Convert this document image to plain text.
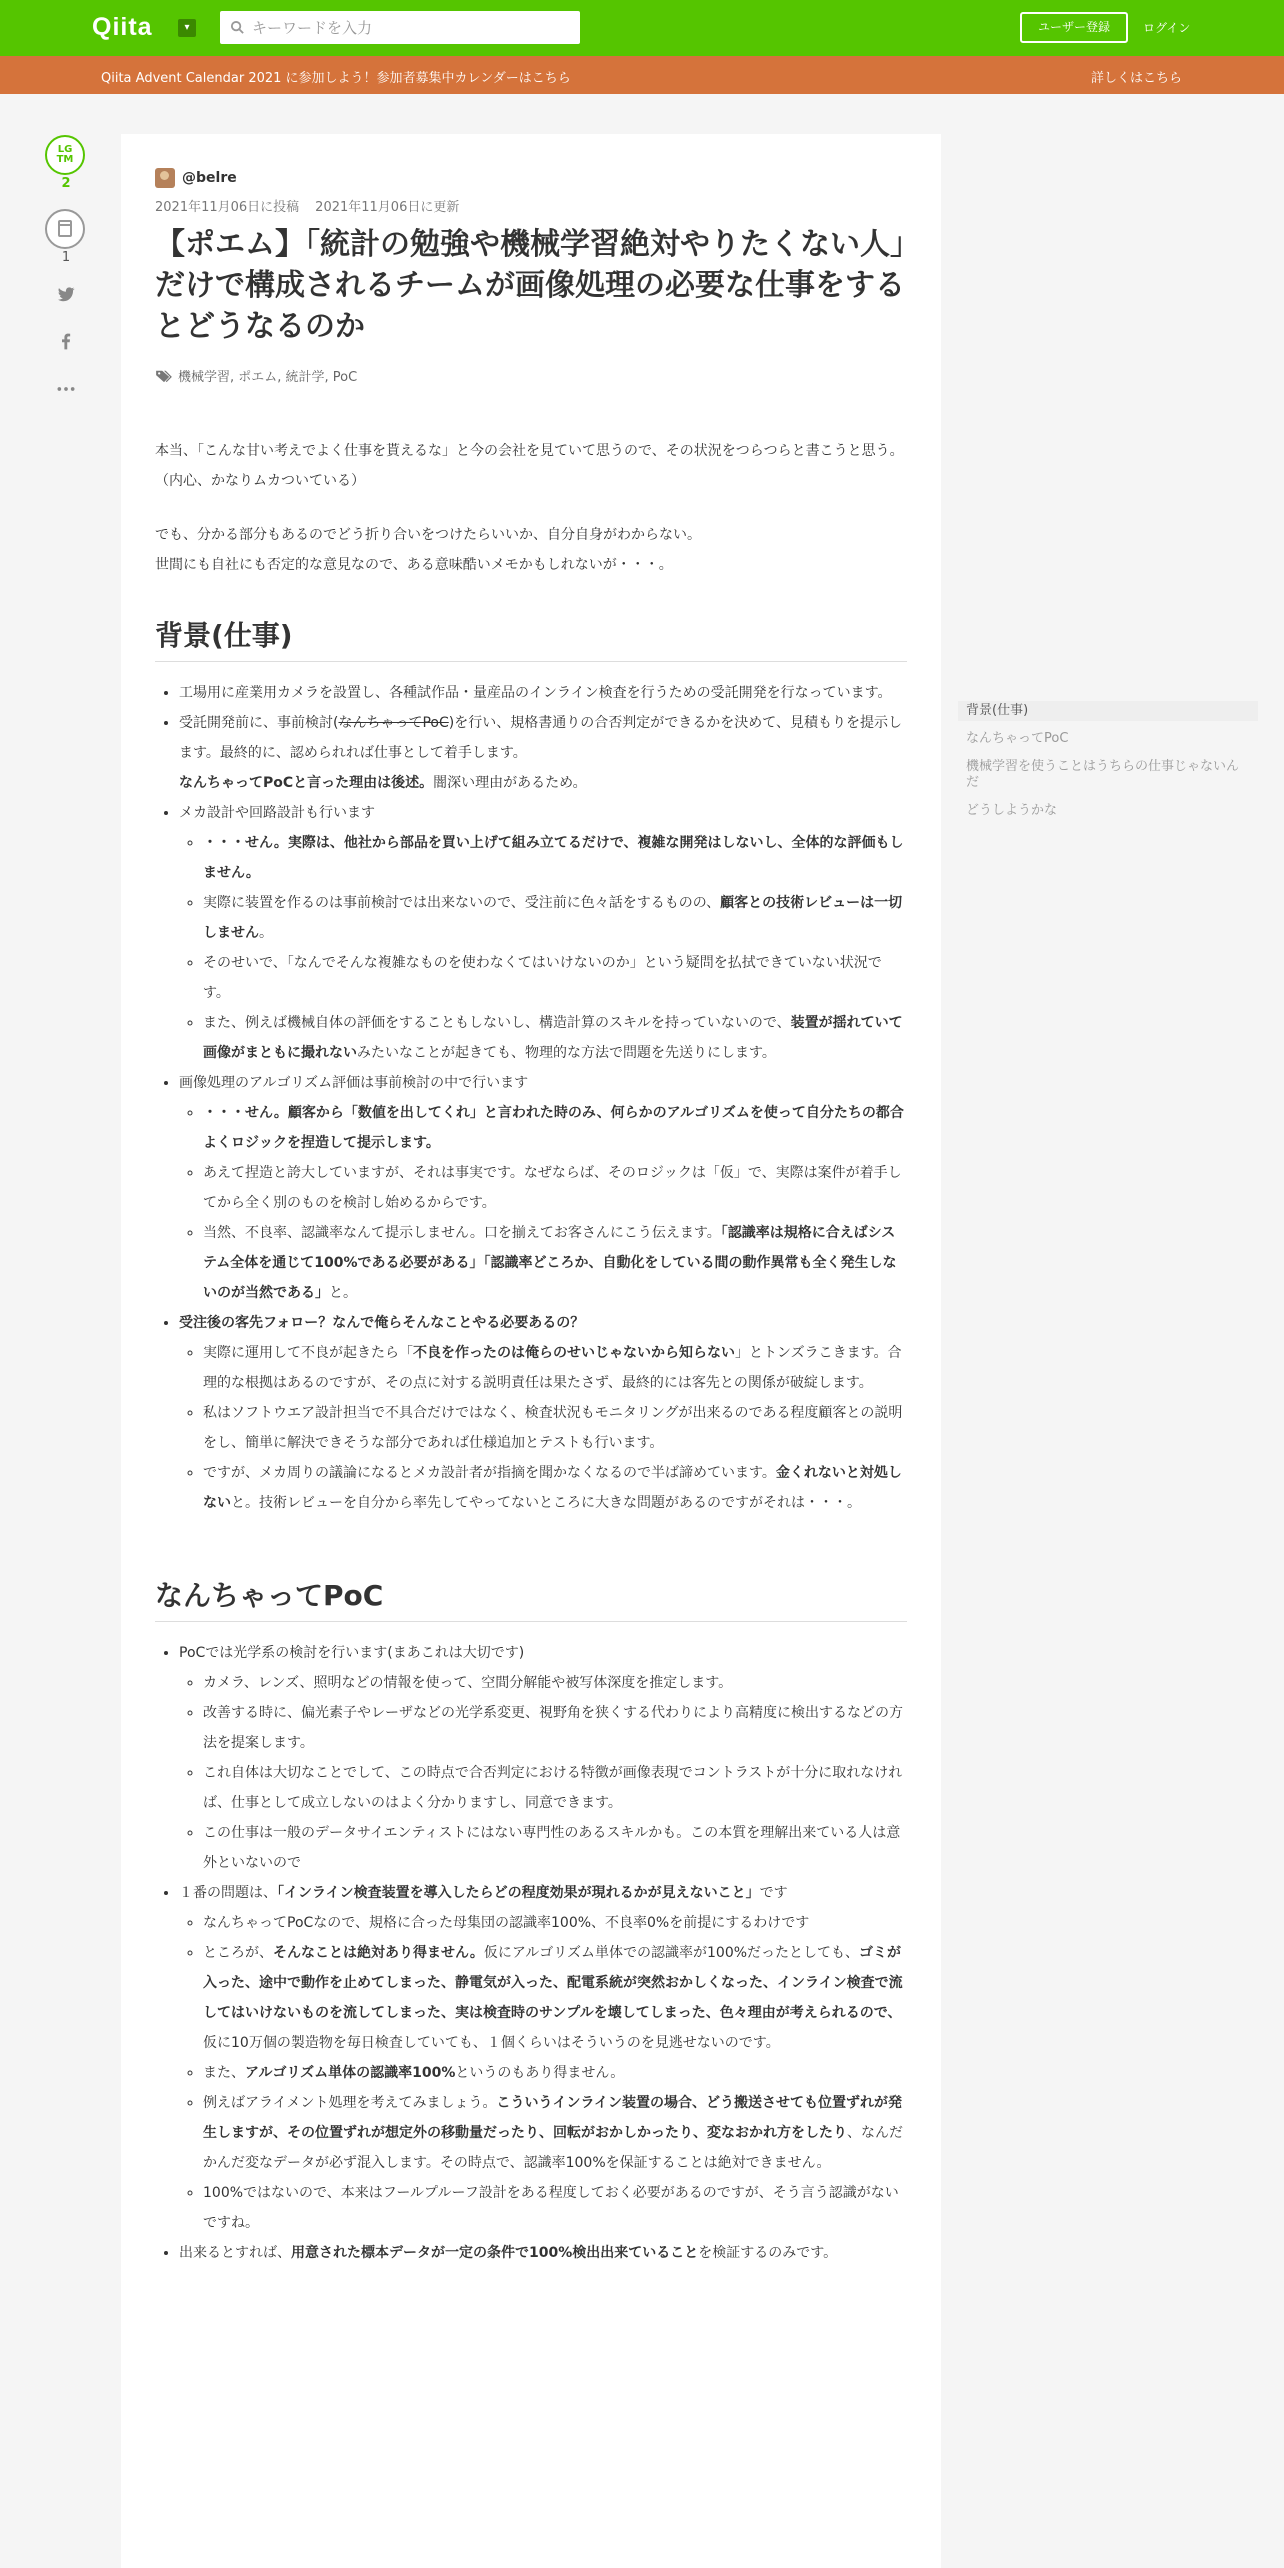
Qiita	▾
キーワードを入力	ユーザー登録	ログイン
Qiita Advent Calendar 2021 に参加しよう！参加者募集中カレンダーはこちら	詳しくはこちら
LG
TM
2
1
@belre
2021年11月06日に投稿 2021年11月06日に更新
【ポエム】「統計の勉強や機械学習絶対やりたくない人」だけで構成されるチームが画像処理の必要な仕事をするとどうなるのか
機械学習, ポエム, 統計学, PoC

本当、「こんな甘い考えでよく仕事を貰えるな」と今の会社を見ていて思うので、その状況をつらつらと書こうと思う。

（内心、かなりムカついている）

でも、分かる部分もあるのでどう折り合いをつけたらいいか、自分自身がわからない。

世間にも自社にも否定的な意見なので、ある意味酷いメモかもしれないが・・・。

背景(仕事)
• 工場用に産業用カメラを設置し、各種試作品・量産品のインライン検査を行うための受託開発を行なっています。
• 受託開発前に、事前検討(なんちゃってPoC)を行い、規格書通りの合否判定ができるかを決めて、見積もりを提示します。最終的に、認められれば仕事として着手します。
なんちゃってPoCと言った理由は後述。闇深い理由があるため。
• メカ設計や回路設計も行います
◦ ・・・せん。実際は、他社から部品を買い上げて組み立てるだけで、複雑な開発はしないし、全体的な評価もしません。
◦ 実際に装置を作るのは事前検討では出来ないので、受注前に色々話をするものの、顧客との技術レビューは一切しません。
◦ そのせいで、「なんでそんな複雑なものを使わなくてはいけないのか」という疑問を払拭できていない状況です。
◦ また、例えば機械自体の評価をすることもしないし、構造計算のスキルを持っていないので、装置が揺れていて画像がまともに撮れないみたいなことが起きても、物理的な方法で問題を先送りにします。
• 画像処理のアルゴリズム評価は事前検討の中で行います
◦ ・・・せん。顧客から「数値を出してくれ」と言われた時のみ、何らかのアルゴリズムを使って自分たちの都合よくロジックを捏造して提示します。
◦ あえて捏造と誇大していますが、それは事実です。なぜならば、そのロジックは「仮」で、実際は案件が着手してから全く別のものを検討し始めるからです。
◦ 当然、不良率、認識率なんて提示しません。口を揃えてお客さんにこう伝えます。「認識率は規格に合えばシステム全体を通じて100%である必要がある」「認識率どころか、自動化をしている間の動作異常も全く発生しないのが当然である」と。
• 受注後の客先フォロー？なんで俺らそんなことやる必要あるの？
◦ 実際に運用して不良が起きたら「不良を作ったのは俺らのせいじゃないから知らない」とトンズラこきます。合理的な根拠はあるのですが、その点に対する説明責任は果たさず、最終的には客先との関係が破綻します。
◦ 私はソフトウエア設計担当で不具合だけではなく、検査状況もモニタリングが出来るのである程度顧客との説明をし、簡単に解決できそうな部分であれば仕様追加とテストも行います。
◦ ですが、メカ周りの議論になるとメカ設計者が指摘を聞かなくなるので半ば諦めています。金くれないと対処しないと。技術レビューを自分から率先してやってないところに大きな問題があるのですがそれは・・・。
なんちゃってPoC
• PoCでは光学系の検討を行います(まあこれは大切です)
◦ カメラ、レンズ、照明などの情報を使って、空間分解能や被写体深度を推定します。
◦ 改善する時に、偏光素子やレーザなどの光学系変更、視野角を狭くする代わりにより高精度に検出するなどの方法を提案します。
◦ これ自体は大切なことでして、この時点で合否判定における特徴が画像表現でコントラストが十分に取れなければ、仕事として成立しないのはよく分かりますし、同意できます。
◦ この仕事は一般のデータサイエンティストにはない専門性のあるスキルかも。この本質を理解出来ている人は意外といないので
• １番の問題は、「インライン検査装置を導入したらどの程度効果が現れるかが見えないこと」です
◦ なんちゃってPoCなので、規格に合った母集団の認識率100%、不良率0%を前提にするわけです
◦ ところが、そんなことは絶対あり得ません。仮にアルゴリズム単体での認識率が100%だったとしても、ゴミが入った、途中で動作を止めてしまった、静電気が入った、配電系統が突然おかしくなった、インライン検査で流してはいけないものを流してしまった、実は検査時のサンプルを壊してしまった、色々理由が考えられるので、仮に10万個の製造物を毎日検査していても、１個くらいはそういうのを見逃せないのです。
◦ また、アルゴリズム単体の認識率100%というのもあり得ません。
◦ 例えばアライメント処理を考えてみましょう。こういうインライン装置の場合、どう搬送させても位置ずれが発生しますが、その位置ずれが想定外の移動量だったり、回転がおかしかったり、変なおかれ方をしたり、なんだかんだ変なデータが必ず混入します。その時点で、認識率100%を保証することは絶対できません。
◦ 100%ではないので、本来はフールプルーフ設計をある程度しておく必要があるのですが、そう言う認識がないですね。
• 出来るとすれば、用意された標本データが一定の条件で100%検出出来ていることを検証するのみです。
背景(仕事)
なんちゃってPoC
機械学習を使うことはうちらの仕事じゃないんだ
どうしようかな
